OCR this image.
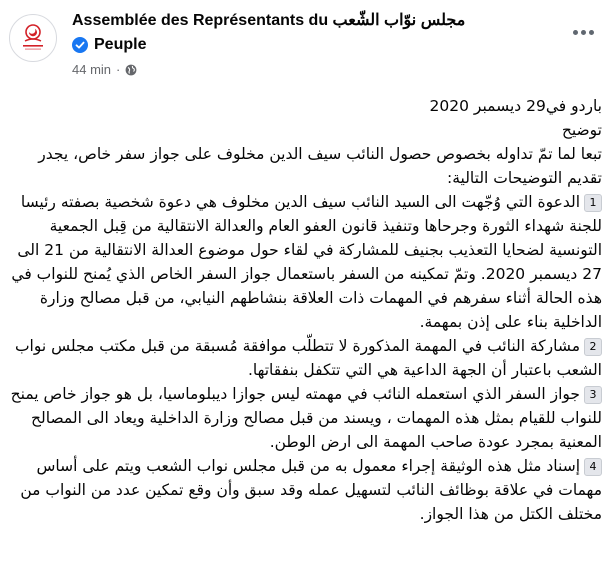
Assemblée des Représentants du مجلس نوّاب الشّعب
Peuple
44 min ·

باردو في29 ديسمبر 2020

توضيح

تبعا لما تمّ تداوله بخصوص حصول النائب سيف الدين مخلوف على جواز سفر خاص، يجدر تقديم التوضيحات التالية:

1الدعوة التي وُجّهت الى السيد النائب سيف الدين مخلوف هي دعوة شخصية بصفته رئيسا للجنة شهداء الثورة وجرحاها وتنفيذ قانون العفو العام والعدالة الانتقالية من قِبل الجمعية التونسية لضحايا التعذيب بجنيف للمشاركة في لقاء حول موضوع العدالة الانتقالية من 21 الى 27 ديسمبر 2020. وتمّ تمكينه من السفر باستعمال جواز السفر الخاص الذي يُمنح للنواب في هذه الحالة أثناء سفرهم في المهمات ذات العلاقة بنشاطهم النيابي، من قبل مصالح وزارة الداخلية بناء على إذن بمهمة.

2مشاركة النائب في المهمة المذكورة لا تتطلّب موافقة مُسبقة من قبل مكتب مجلس نواب الشعب باعتبار أن الجهة الداعية هي التي تتكفل بنفقاتها.

3جواز السفر الذي استعمله النائب في مهمته ليس جوازا ديبلوماسيا، بل هو جواز خاص يمنح للنواب للقيام بمثل هذه المهمات ، ويسند من قبل مصالح وزارة الداخلية ويعاد الى المصالح المعنية بمجرد عودة صاحب المهمة الى ارض الوطن.

4إسناد مثل هذه الوثيقة إجراء معمول به من قبل مجلس نواب الشعب ويتم على أساس مهمات في علاقة بوظائف النائب لتسهيل عمله وقد سبق وأن وقع تمكين عدد من النواب من مختلف الكتل من هذا الجواز.
